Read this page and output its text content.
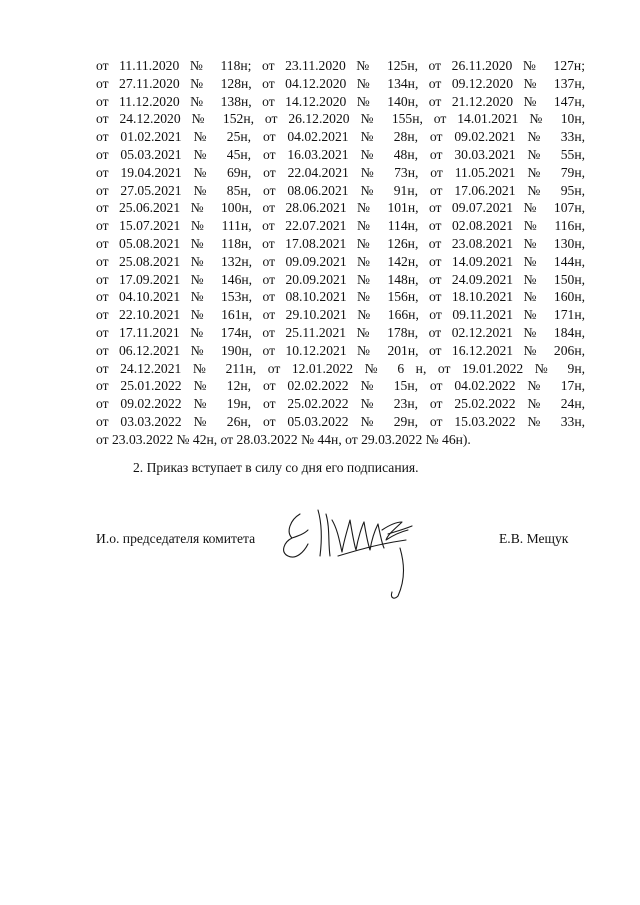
от 11.11.2020 № 118н; от 23.11.2020 № 125н, от 26.11.2020 № 127н;
от 27.11.2020 № 128н, от 04.12.2020 № 134н, от 09.12.2020 № 137н,
от 11.12.2020 № 138н, от 14.12.2020 № 140н, от 21.12.2020 № 147н,
от 24.12.2020 № 152н, от 26.12.2020 № 155н, от 14.01.2021 № 10н,
от 01.02.2021 № 25н, от 04.02.2021 № 28н, от 09.02.2021 № 33н,
от 05.03.2021 № 45н, от 16.03.2021 № 48н, от 30.03.2021 № 55н,
от 19.04.2021 № 69н, от 22.04.2021 № 73н, от 11.05.2021 № 79н,
от 27.05.2021 № 85н, от 08.06.2021 № 91н, от 17.06.2021 № 95н,
от 25.06.2021 № 100н, от 28.06.2021 № 101н, от 09.07.2021 № 107н,
от 15.07.2021 № 111н, от 22.07.2021 № 114н, от 02.08.2021 № 116н,
от 05.08.2021 № 118н, от 17.08.2021 № 126н, от 23.08.2021 № 130н,
от 25.08.2021 № 132н, от 09.09.2021 № 142н, от 14.09.2021 № 144н,
от 17.09.2021 № 146н, от 20.09.2021 № 148н, от 24.09.2021 № 150н,
от 04.10.2021 № 153н, от 08.10.2021 № 156н, от 18.10.2021 № 160н,
от 22.10.2021 № 161н, от 29.10.2021 № 166н, от 09.11.2021 № 171н,
от 17.11.2021 № 174н, от 25.11.2021 № 178н, от 02.12.2021 № 184н,
от 06.12.2021 № 190н, от 10.12.2021 № 201н, от 16.12.2021 № 206н,
от 24.12.2021 № 211н, от 12.01.2022 № 6 н, от 19.01.2022 № 9н,
от 25.01.2022 № 12н, от 02.02.2022 № 15н, от 04.02.2022 № 17н,
от 09.02.2022 № 19н, от 25.02.2022 № 23н, от 25.02.2022 № 24н,
от 03.03.2022 № 26н, от 05.03.2022 № 29н, от 15.03.2022 № 33н,
от 23.03.2022 № 42н, от 28.03.2022 № 44н, от 29.03.2022 № 46н).
2. Приказ вступает в силу со дня его подписания.
И.о. председателя комитета	Е.В. Мещук
